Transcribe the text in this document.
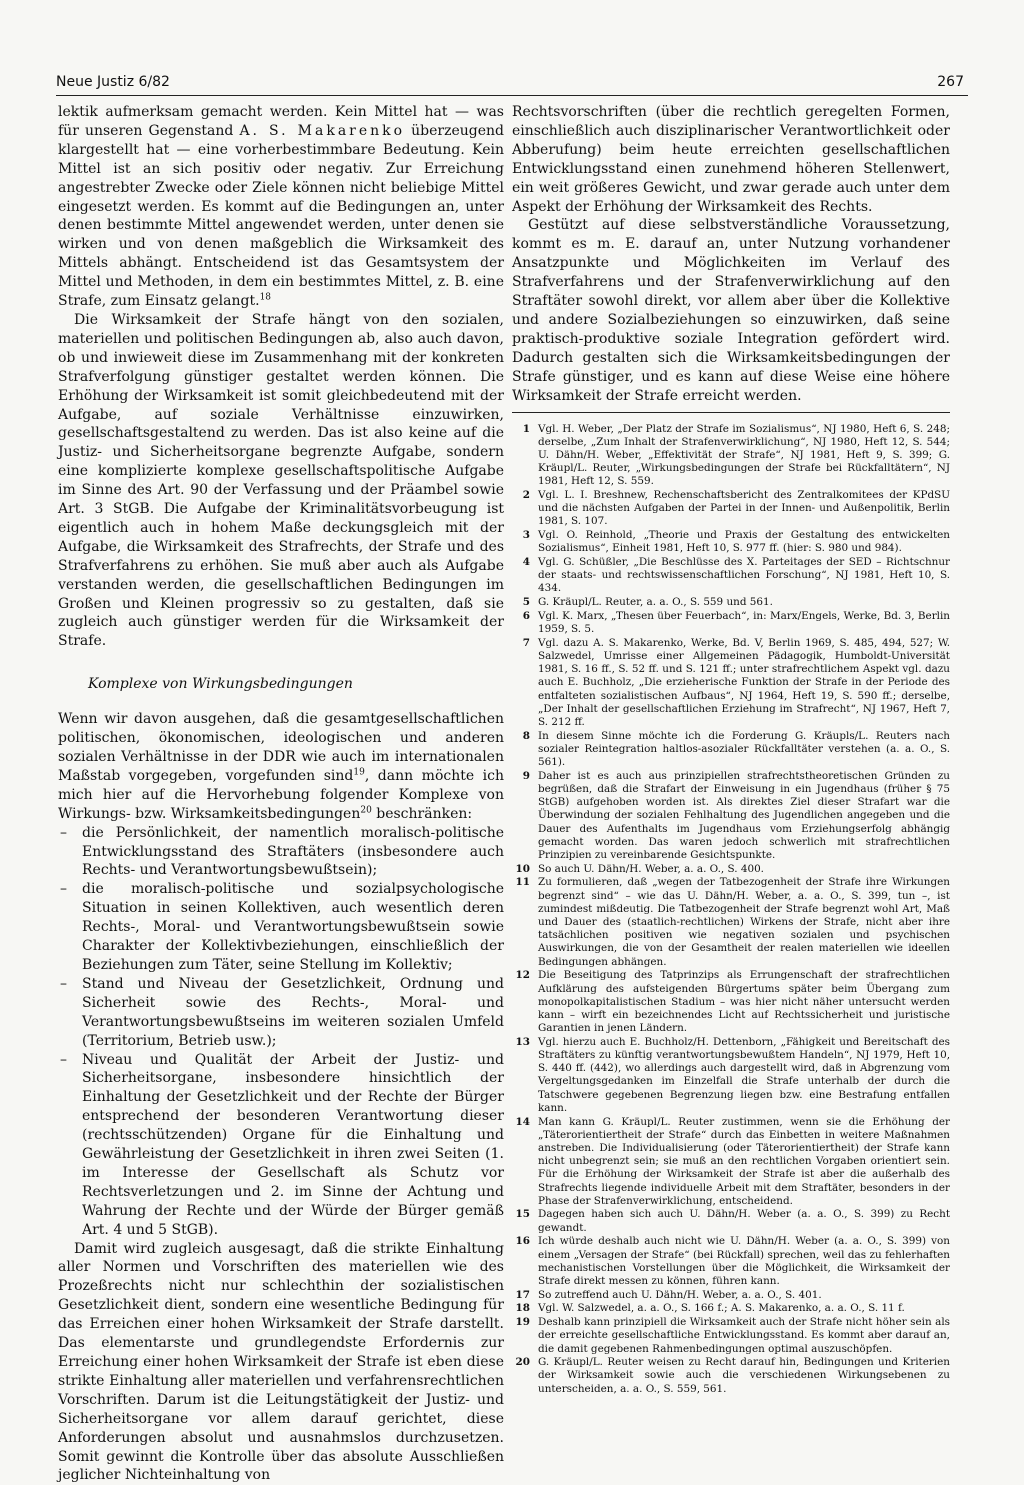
Neue Justiz 6/82	267

lektik aufmerksam gemacht werden. Kein Mittel hat — was für unseren Gegenstand A. S. Makarenko überzeugend klargestellt hat — eine vorherbestimmbare Bedeutung. Kein Mittel ist an sich positiv oder negativ. Zur Erreichung angestrebter Zwecke oder Ziele können nicht beliebige Mittel eingesetzt werden. Es kommt auf die Bedingungen an, unter denen bestimmte Mittel angewendet werden, unter denen sie wirken und von denen maßgeblich die Wirksamkeit des Mittels abhängt. Entscheidend ist das Gesamtsystem der Mittel und Methoden, in dem ein bestimmtes Mittel, z. B. eine Strafe, zum Einsatz gelangt.$^{18}$

Die Wirksamkeit der Strafe hängt von den sozialen, materiellen und politischen Bedingungen ab, also auch davon, ob und inwieweit diese im Zusammenhang mit der konkreten Strafverfolgung günstiger gestaltet werden können. Die Erhöhung der Wirksamkeit ist somit gleichbedeutend mit der Aufgabe, auf soziale Verhältnisse einzuwirken, gesellschaftsgestaltend zu werden. Das ist also keine auf die Justiz- und Sicherheitsorgane begrenzte Aufgabe, sondern eine komplizierte komplexe gesellschaftspolitische Aufgabe im Sinne des Art. 90 der Verfassung und der Präambel sowie Art. 3 StGB. Die Aufgabe der Kriminalitätsvorbeugung ist eigentlich auch in hohem Maße deckungsgleich mit der Aufgabe, die Wirksamkeit des Strafrechts, der Strafe und des Strafverfahrens zu erhöhen. Sie muß aber auch als Aufgabe verstanden werden, die gesellschaftlichen Bedingungen im Großen und Kleinen progressiv so zu gestalten, daß sie zugleich auch günstiger werden für die Wirksamkeit der Strafe.

Komplexe von Wirkungsbedingungen

Wenn wir davon ausgehen, daß die gesamtgesellschaftlichen politischen, ökonomischen, ideologischen und anderen sozialen Verhältnisse in der DDR wie auch im internationalen Maßstab vorgegeben, vorgefunden sind$^{19}$, dann möchte ich mich hier auf die Hervorhebung folgender Komplexe von Wirkungs- bzw. Wirksamkeitsbedingungen$^{20}$ beschränken:

– die Persönlichkeit, der namentlich moralisch-politische Entwicklungsstand des Straftäters (insbesondere auch Rechts- und Verantwortungsbewußtsein);
– die moralisch-politische und sozialpsychologische Situation in seinen Kollektiven, auch wesentlich deren Rechts-, Moral- und Verantwortungsbewußtsein sowie Charakter der Kollektivbeziehungen, einschließlich der Beziehungen zum Täter, seine Stellung im Kollektiv;
– Stand und Niveau der Gesetzlichkeit, Ordnung und Sicherheit sowie des Rechts-, Moral- und Verantwortungsbewußtseins im weiteren sozialen Umfeld (Territorium, Betrieb usw.);
– Niveau und Qualität der Arbeit der Justiz- und Sicherheitsorgane, insbesondere hinsichtlich der Einhaltung der Gesetzlichkeit und der Rechte der Bürger entsprechend der besonderen Verantwortung dieser (rechtsschützenden) Organe für die Einhaltung und Gewährleistung der Gesetzlichkeit in ihren zwei Seiten (1. im Interesse der Gesellschaft als Schutz vor Rechtsverletzungen und 2. im Sinne der Achtung und Wahrung der Rechte und der Würde der Bürger gemäß Art. 4 und 5 StGB).

Damit wird zugleich ausgesagt, daß die strikte Einhaltung aller Normen und Vorschriften des materiellen wie des Prozeßrechts nicht nur schlechthin der sozialistischen Gesetzlichkeit dient, sondern eine wesentliche Bedingung für das Erreichen einer hohen Wirksamkeit der Strafe darstellt. Das elementarste und grundlegendste Erfordernis zur Erreichung einer hohen Wirksamkeit der Strafe ist eben diese strikte Einhaltung aller materiellen und verfahrensrechtlichen Vorschriften. Darum ist die Leitungstätigkeit der Justiz- und Sicherheitsorgane vor allem darauf gerichtet, diese Anforderungen absolut und ausnahmslos durchzusetzen. Somit gewinnt die Kontrolle über das absolute Ausschließen jeglicher Nichteinhaltung von

Rechtsvorschriften (über die rechtlich geregelten Formen, einschließlich auch disziplinarischer Verantwortlichkeit oder Abberufung) beim heute erreichten gesellschaftlichen Entwicklungsstand einen zunehmend höheren Stellenwert, ein weit größeres Gewicht, und zwar gerade auch unter dem Aspekt der Erhöhung der Wirksamkeit des Rechts.

Gestützt auf diese selbstverständliche Voraussetzung, kommt es m. E. darauf an, unter Nutzung vorhandener Ansatzpunkte und Möglichkeiten im Verlauf des Strafverfahrens und der Strafenverwirklichung auf den Straftäter sowohl direkt, vor allem aber über die Kollektive und andere Sozialbeziehungen so einzuwirken, daß seine praktisch-produktive soziale Integration gefördert wird. Dadurch gestalten sich die Wirksamkeitsbedingungen der Strafe günstiger, und es kann auf diese Weise eine höhere Wirksamkeit der Strafe erreicht werden.

1 Vgl. H. Weber, „Der Platz der Strafe im Sozialismus“, NJ 1980, Heft 6, S. 248; derselbe, „Zum Inhalt der Strafenverwirklichung“, NJ 1980, Heft 12, S. 544; U. Dähn/H. Weber, „Effektivität der Strafe“, NJ 1981, Heft 9, S. 399; G. Kräupl/L. Reuter, „Wirkungsbedingungen der Strafe bei Rückfalltätern“, NJ 1981, Heft 12, S. 559.
2 Vgl. L. I. Breshnew, Rechenschaftsbericht des Zentralkomitees der KPdSU und die nächsten Aufgaben der Partei in der Innen- und Außenpolitik, Berlin 1981, S. 107.
3 Vgl. O. Reinhold, „Theorie und Praxis der Gestaltung des entwickelten Sozialismus“, Einheit 1981, Heft 10, S. 977 ff. (hier: S. 980 und 984).
4 Vgl. G. Schüßler, „Die Beschlüsse des X. Parteitages der SED – Richtschnur der staats- und rechtswissenschaftlichen Forschung“, NJ 1981, Heft 10, S. 434.
5 G. Kräupl/L. Reuter, a. a. O., S. 559 und 561.
6 Vgl. K. Marx, „Thesen über Feuerbach“, in: Marx/Engels, Werke, Bd. 3, Berlin 1959, S. 5.
7 Vgl. dazu A. S. Makarenko, Werke, Bd. V, Berlin 1969, S. 485, 494, 527; W. Salzwedel, Umrisse einer Allgemeinen Pädagogik, Humboldt-Universität 1981, S. 16 ff., S. 52 ff. und S. 121 ff.; unter strafrechtlichem Aspekt vgl. dazu auch E. Buchholz, „Die erzieherische Funktion der Strafe in der Periode des entfalteten sozialistischen Aufbaus“, NJ 1964, Heft 19, S. 590 ff.; derselbe, „Der Inhalt der gesellschaftlichen Erziehung im Strafrecht“, NJ 1967, Heft 7, S. 212 ff.
8 In diesem Sinne möchte ich die Forderung G. Kräupls/L. Reuters nach sozialer Reintegration haltlos-asozialer Rückfalltäter verstehen (a. a. O., S. 561).
9 Daher ist es auch aus prinzipiellen strafrechtstheoretischen Gründen zu begrüßen, daß die Strafart der Einweisung in ein Jugendhaus (früher § 75 StGB) aufgehoben worden ist. Als direktes Ziel dieser Strafart war die Überwindung der sozialen Fehlhaltung des Jugendlichen angegeben und die Dauer des Aufenthalts im Jugendhaus vom Erziehungserfolg abhängig gemacht worden. Das waren jedoch schwerlich mit strafrechtlichen Prinzipien zu vereinbarende Gesichtspunkte.
10 So auch U. Dähn/H. Weber, a. a. O., S. 400.
11 Zu formulieren, daß „wegen der Tatbezogenheit der Strafe ihre Wirkungen begrenzt sind“ – wie das U. Dähn/H. Weber, a. a. O., S. 399, tun –, ist zumindest mißdeutig. Die Tatbezogenheit der Strafe begrenzt wohl Art, Maß und Dauer des (staatlich-rechtlichen) Wirkens der Strafe, nicht aber ihre tatsächlichen positiven wie negativen sozialen und psychischen Auswirkungen, die von der Gesamtheit der realen materiellen wie ideellen Bedingungen abhängen.
12 Die Beseitigung des Tatprinzips als Errungenschaft der strafrechtlichen Aufklärung des aufsteigenden Bürgertums später beim Übergang zum monopolkapitalistischen Stadium – was hier nicht näher untersucht werden kann – wirft ein bezeichnendes Licht auf Rechtssicherheit und juristische Garantien in jenen Ländern.
13 Vgl. hierzu auch E. Buchholz/H. Dettenborn, „Fähigkeit und Bereitschaft des Straftäters zu künftig verantwortungsbewußtem Handeln“, NJ 1979, Heft 10, S. 440 ff. (442), wo allerdings auch dargestellt wird, daß in Abgrenzung vom Vergeltungsgedanken im Einzelfall die Strafe unterhalb der durch die Tatschwere gegebenen Begrenzung liegen bzw. eine Bestrafung entfallen kann.
14 Man kann G. Kräupl/L. Reuter zustimmen, wenn sie die Erhöhung der „Täterorientiertheit der Strafe“ durch das Einbetten in weitere Maßnahmen anstreben. Die Individualisierung (oder Täterorientiertheit) der Strafe kann nicht unbegrenzt sein; sie muß an den rechtlichen Vorgaben orientiert sein. Für die Erhöhung der Wirksamkeit der Strafe ist aber die außerhalb des Strafrechts liegende individuelle Arbeit mit dem Straftäter, besonders in der Phase der Strafenverwirklichung, entscheidend.
15 Dagegen haben sich auch U. Dähn/H. Weber (a. a. O., S. 399) zu Recht gewandt.
16 Ich würde deshalb auch nicht wie U. Dähn/H. Weber (a. a. O., S. 399) von einem „Versagen der Strafe“ (bei Rückfall) sprechen, weil das zu fehlerhaften mechanistischen Vorstellungen über die Möglichkeit, die Wirksamkeit der Strafe direkt messen zu können, führen kann.
17 So zutreffend auch U. Dähn/H. Weber, a. a. O., S. 401.
18 Vgl. W. Salzwedel, a. a. O., S. 166 f.; A. S. Makarenko, a. a. O., S. 11 f.
19 Deshalb kann prinzipiell die Wirksamkeit auch der Strafe nicht höher sein als der erreichte gesellschaftliche Entwicklungsstand. Es kommt aber darauf an, die damit gegebenen Rahmenbedingungen optimal auszuschöpfen.
20 G. Kräupl/L. Reuter weisen zu Recht darauf hin, Bedingungen und Kriterien der Wirksamkeit sowie auch die verschiedenen Wirkungsebenen zu unterscheiden, a. a. O., S. 559, 561.
